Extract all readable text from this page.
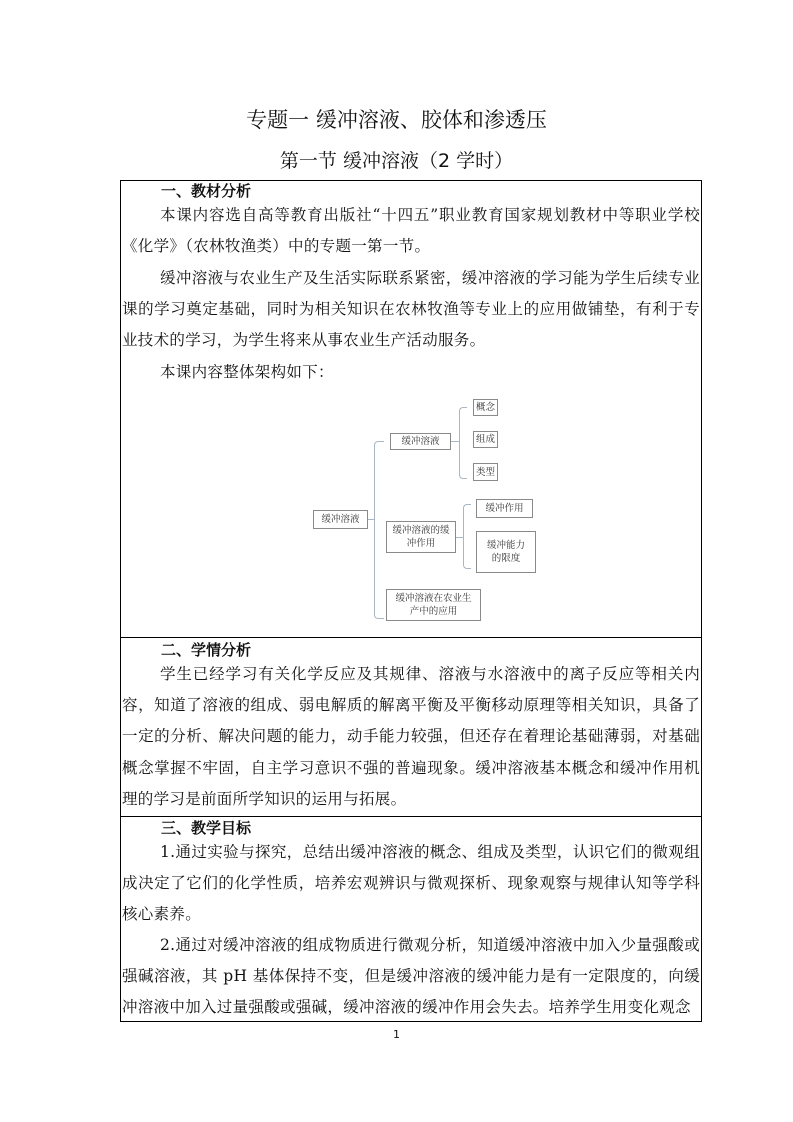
专题一 缓冲溶液、胶体和渗透压
第一节 缓冲溶液（2 学时）
一、教材分析

本课内容选自高等教育出版社“十四五”职业教育国家规划教材中等职业学校《化学》（农林牧渔类）中的专题一第一节。

缓冲溶液与农业生产及生活实际联系紧密，缓冲溶液的学习能为学生后续专业课的学习奠定基础，同时为相关知识在农林牧渔等专业上的应用做铺垫，有利于专业技术的学习，为学生将来从事农业生产活动服务。

本课内容整体架构如下：

缓冲溶液
缓冲溶液
概念
组成
类型
缓冲溶液的缓冲作用
缓冲作用
缓冲能力的限度
缓冲溶液在农业生产中的应用
二、学情分析

学生已经学习有关化学反应及其规律、溶液与水溶液中的离子反应等相关内容，知道了溶液的组成、弱电解质的解离平衡及平衡移动原理等相关知识，具备了一定的分析、解决问题的能力，动手能力较强，但还存在着理论基础薄弱，对基础概念掌握不牢固，自主学习意识不强的普遍现象。缓冲溶液基本概念和缓冲作用机理的学习是前面所学知识的运用与拓展。

三、教学目标

1.通过实验与探究，总结出缓冲溶液的概念、组成及类型，认识它们的微观组成决定了它们的化学性质，培养宏观辨识与微观探析、现象观察与规律认知等学科核心素养。

2.通过对缓冲溶液的组成物质进行微观分析，知道缓冲溶液中加入少量强酸或强碱溶液，其 pH 基体保持不变，但是缓冲溶液的缓冲能力是有一定限度的，向缓冲溶液中加入过量强酸或强碱，缓冲溶液的缓冲作用会失去。培养学生用变化观念

1
